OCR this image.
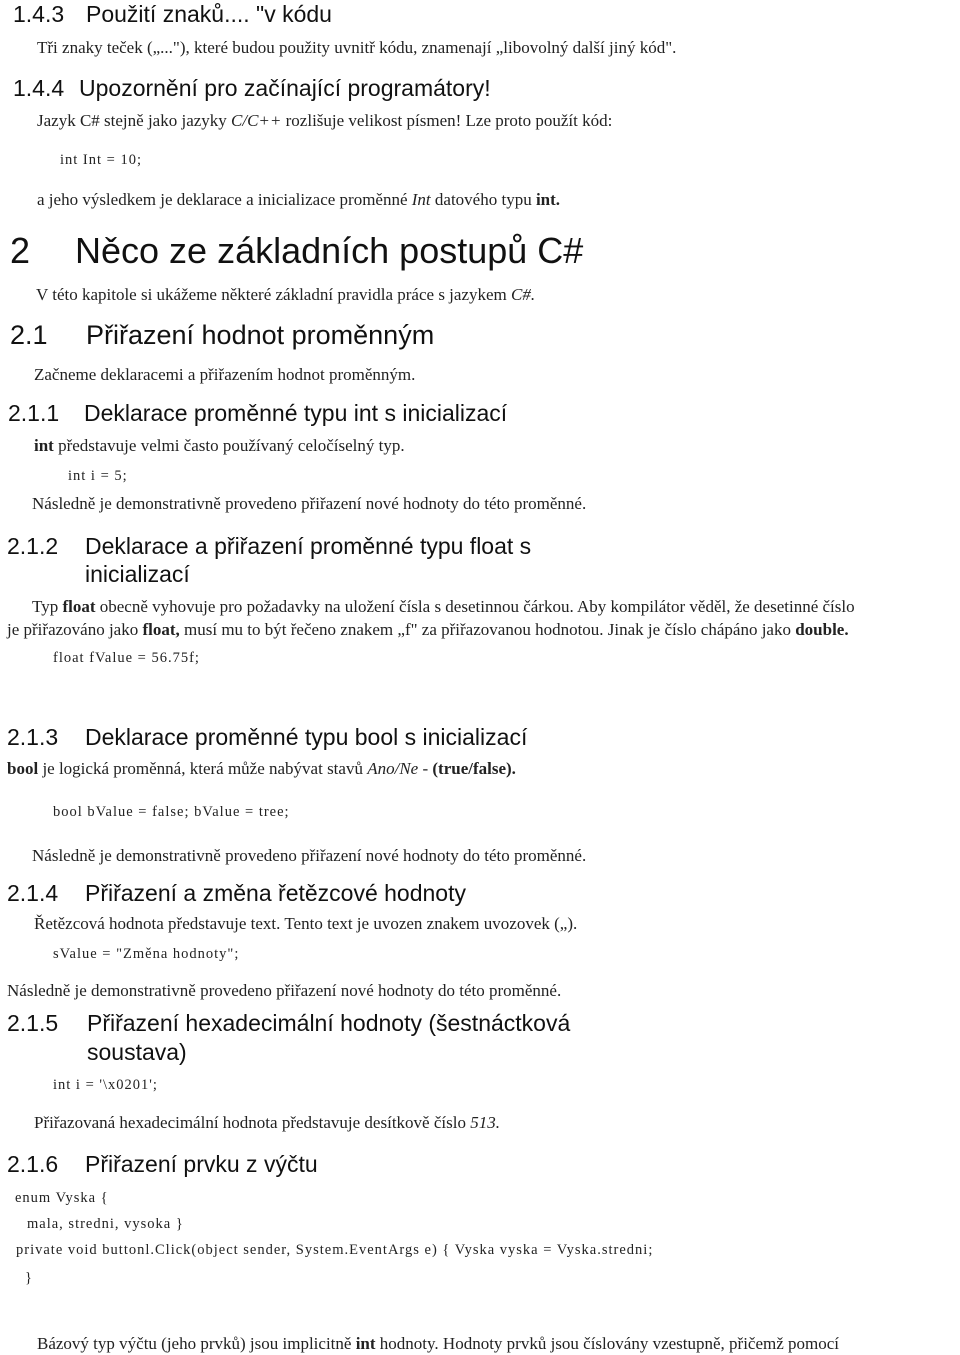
1.4.3 Použití znaků.... "v kódu

Tři znaky teček („..."), které budou použity uvnitř kódu, znamenají „libovolný další jiný kód".

1.4.4 Upozornění pro začínající programátory!

Jazyk C# stejně jako jazyky C/C++ rozlišuje velikost písmen! Lze proto použít kód:

int Int = 10;

a jeho výsledkem je deklarace a inicializace proměnné Int datového typu int.

2 Něco ze základních postupů C#

V této kapitole si ukážeme některé základní pravidla práce s jazykem C#.

2.1 Přiřazení hodnot proměnným

Začneme deklaracemi a přiřazením hodnot proměnným.

2.1.1 Deklarace proměnné typu int s inicializací

int představuje velmi často používaný celočíselný typ.

int i = 5;

Následně je demonstrativně provedeno přiřazení nové hodnoty do této proměnné.

2.1.2 Deklarace a přiřazení proměnné typu float s
inicializací

Typ float obecně vyhovuje pro požadavky na uložení čísla s desetinnou čárkou. Aby kompilátor věděl, že desetinné číslo

je přiřazováno jako float, musí mu to být řečeno znakem „f" za přiřazovanou hodnotou. Jinak je číslo chápáno jako double.

float fValue = 56.75f;
2.1.3 Deklarace proměnné typu bool s inicializací

bool je logická proměnná, která může nabývat stavů Ano/Ne - (true/false).

bool bValue = false; bValue = tree;

Následně je demonstrativně provedeno přiřazení nové hodnoty do této proměnné.

2.1.4 Přiřazení a změna řetězcové hodnoty

Řetězcová hodnota představuje text. Tento text je uvozen znakem uvozovek („).

sValue = "Změna hodnoty";

Následně je demonstrativně provedeno přiřazení nové hodnoty do této proměnné.

2.1.5 Přiřazení hexadecimální hodnoty (šestnáctková
soustava)
int i = '\x0201';

Přiřazovaná hexadecimální hodnota představuje desítkově číslo 513.

2.1.6 Přiřazení prvku z výčtu
enum Vyska {
mala, stredni, vysoka }
private void buttonl.Click(object sender, System.EventArgs e) { Vyska vyska = Vyska.stredni;
}

Bázový typ výčtu (jeho prvků) jsou implicitně int hodnoty. Hodnoty prvků jsou číslovány vzestupně, přičemž pomocí
